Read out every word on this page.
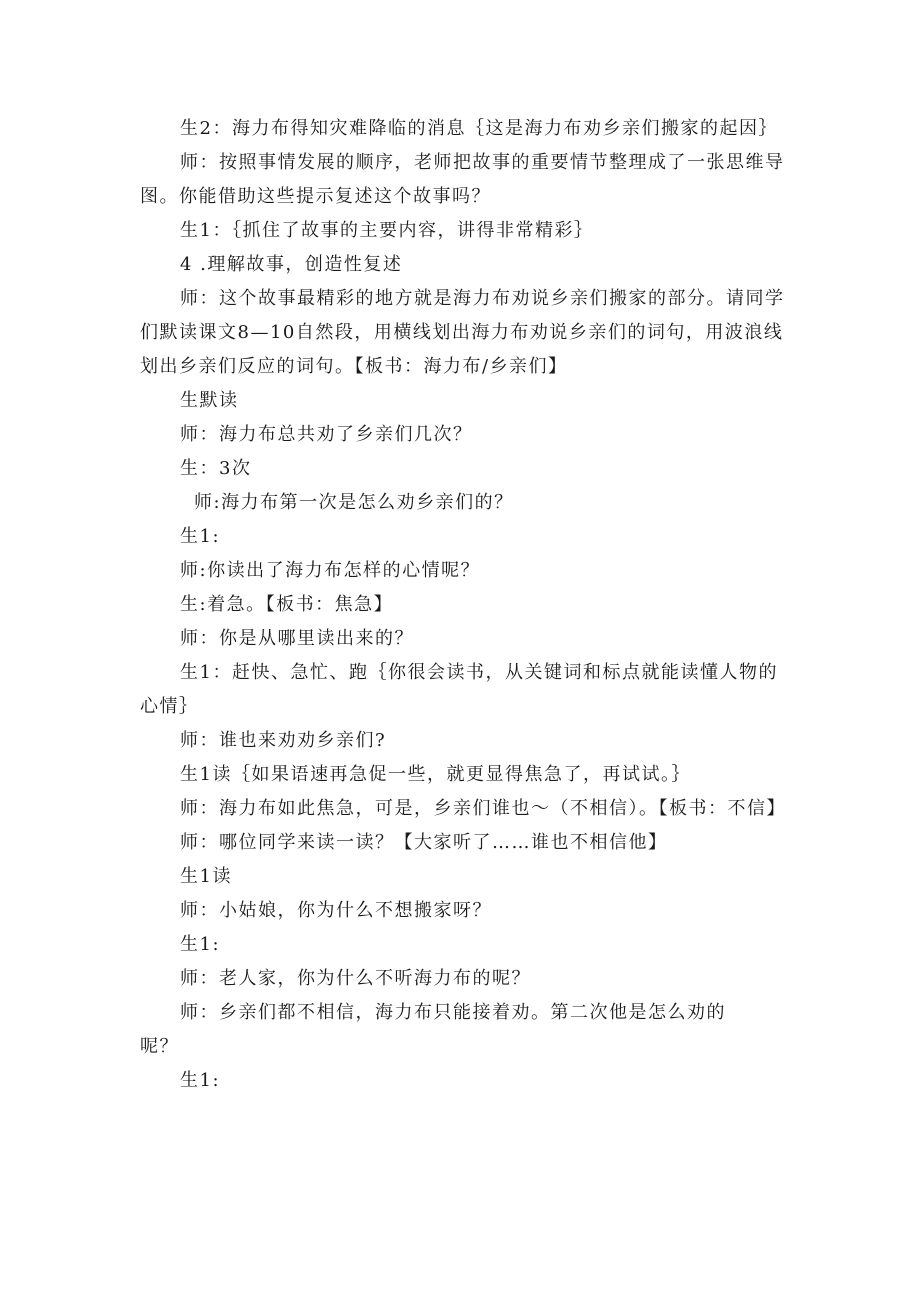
生2：海力布得知灾难降临的消息｛这是海力布劝乡亲们搬家的起因｝

师：按照事情发展的顺序，老师把故事的重要情节整理成了一张思维导图。你能借助这些提示复述这个故事吗？

生1：｛抓住了故事的主要内容，讲得非常精彩｝

4 .理解故事，创造性复述

师：这个故事最精彩的地方就是海力布劝说乡亲们搬家的部分。请同学们默读课文8—10自然段，用横线划出海力布劝说乡亲们的词句，用波浪线划出乡亲们反应的词句。【板书：海力布/乡亲们】

生默读

师：海力布总共劝了乡亲们几次？

生：3次

师:海力布第一次是怎么劝乡亲们的？

生1:

师:你读出了海力布怎样的心情呢？

生:着急。【板书：焦急】

师：你是从哪里读出来的？

生1：赶快、急忙、跑｛你很会读书，从关键词和标点就能读懂人物的心情｝

师：谁也来劝劝乡亲们?

生1读｛如果语速再急促一些，就更显得焦急了，再试试。｝

师：海力布如此焦急，可是，乡亲们谁也～（不相信）。【板书：不信】

师：哪位同学来读一读？【大家听了……谁也不相信他】

生1读

师：小姑娘，你为什么不想搬家呀？

生1:

师：老人家，你为什么不听海力布的呢？

师：乡亲们都不相信，海力布只能接着劝。第二次他是怎么劝的呢？

生1:
